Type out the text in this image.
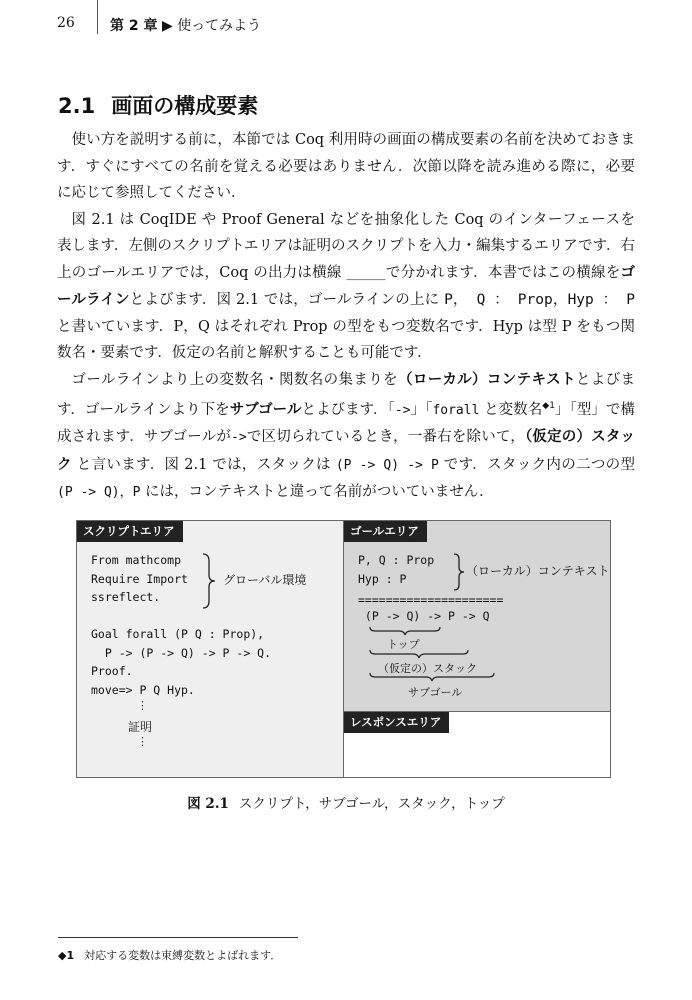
26	第 2 章 ▶ 使ってみよう
2.1 画面の構成要素

使い方を説明する前に，本節では Coq 利用時の画面の構成要素の名前を決めておきます．すぐにすべての名前を覚える必要はありません．次節以降を読み進める際に，必要に応じて参照してください．

図 2.1 は CoqIDE や Proof General などを抽象化した Coq のインターフェースを表します．左側のスクリプトエリアは証明のスクリプトを入力・編集するエリアです．右上のゴールエリアでは，Coq の出力は横線 _____で分かれます．本書ではこの横線をゴールラインとよびます．図 2.1 では，ゴールラインの上に P， Q ： Prop，Hyp ： P と書いています．P，Q はそれぞれ Prop の型をもつ変数名です．Hyp は型 P をもつ関数名・要素です．仮定の名前と解釈することも可能です．

ゴールラインより上の変数名・関数名の集まりを（ローカル）コンテキストとよびます．ゴールラインより下をサブゴールとよびます．「->」「forall と変数名$^{◆1}$」「型」で構成されます．サブゴールが->で区切られているとき，一番右を除いて，（仮定の）スタック と言います．図 2.1 では，スタックは (P -> Q) -> P です．スタック内の二つの型 (P -> Q)，P には，コンテキストと違って名前がついていません．

スクリプトエリア
From mathcomp
Require Import
ssreflect.
グローバル環境
Goal forall (P Q : Prop),
P -> (P -> Q) -> P -> Q.
Proof.
move=> P Q Hyp.
⋮
証明
⋮
ゴールエリア
P, Q : Prop
Hyp : P
（ローカル）コンテキスト
=====================
(P -> Q) -> P -> Q
トップ
（仮定の）スタック
サブゴール
レスポンスエリア
図 2.1 スクリプト，サブゴール，スタック，トップ
◆1 対応する変数は束縛変数とよばれます．
